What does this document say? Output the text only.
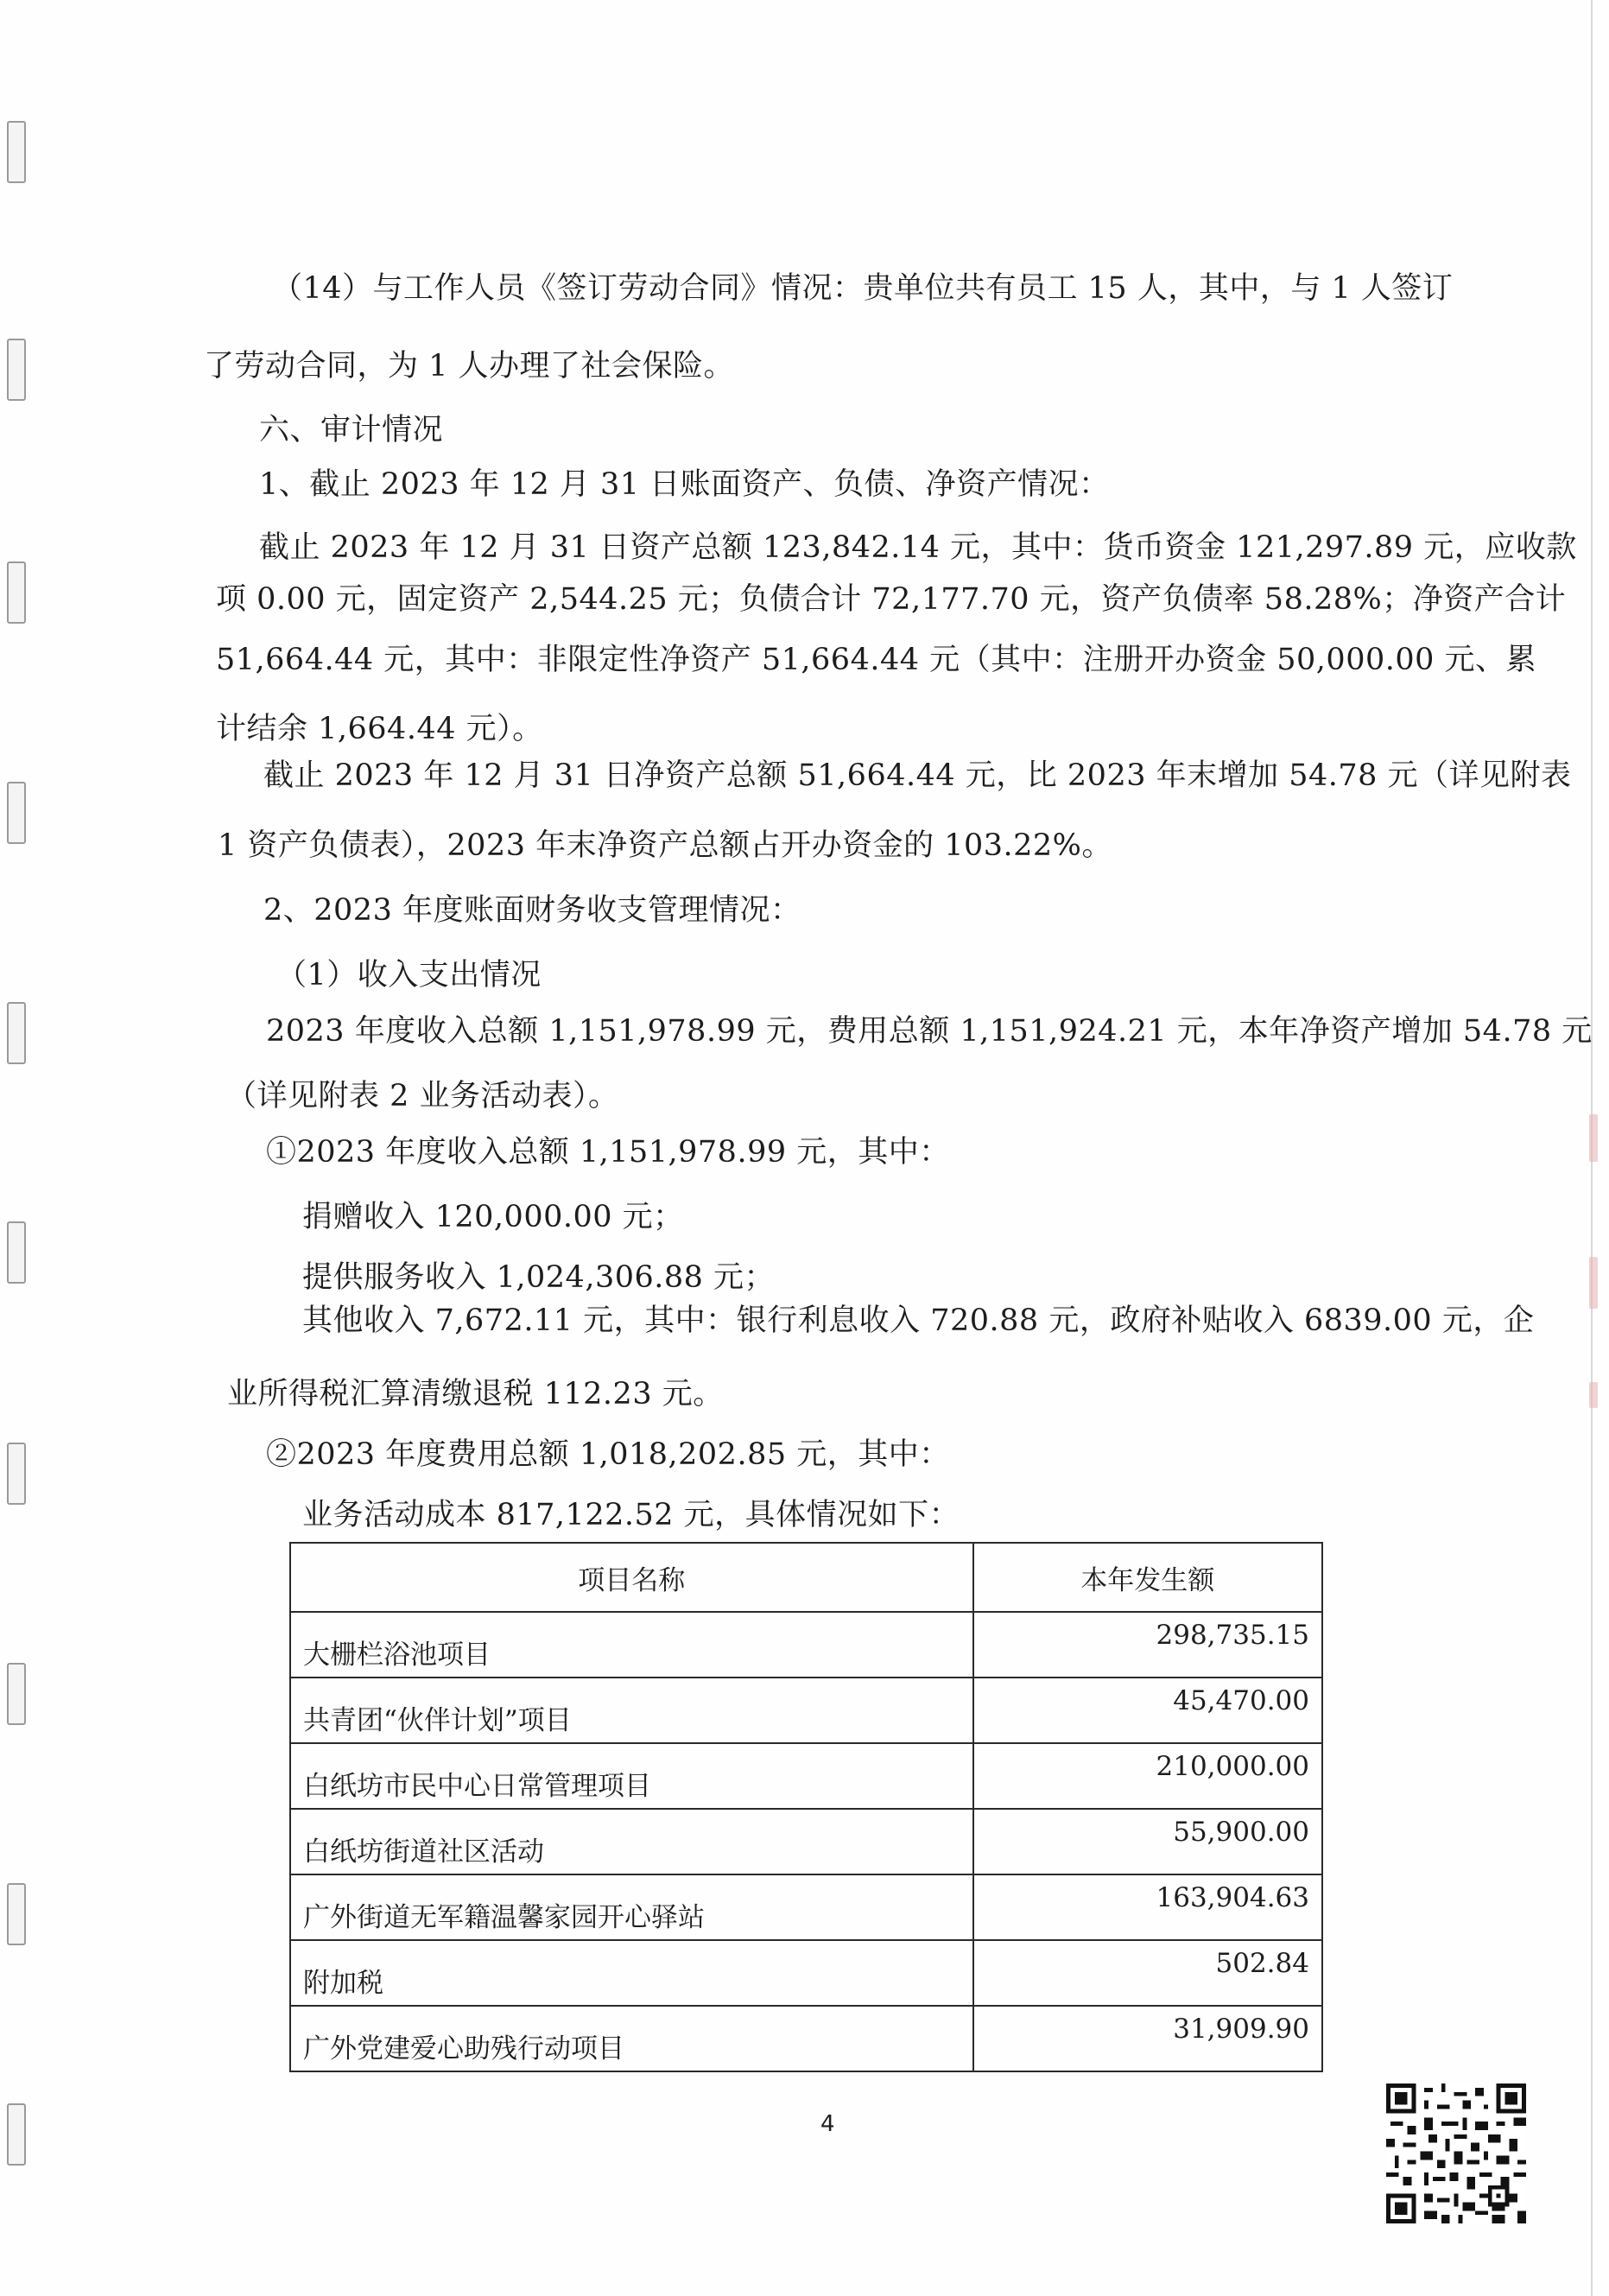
（14）与工作人员《签订劳动合同》情况：贵单位共有员工 15 人，其中，与 1 人签订
了劳动合同，为 1 人办理了社会保险。
六、审计情况
1、截止 2023 年 12 月 31 日账面资产、负债、净资产情况：
截止 2023 年 12 月 31 日资产总额 123,842.14 元，其中：货币资金 121,297.89 元，应收款
项 0.00 元，固定资产 2,544.25 元；负债合计 72,177.70 元，资产负债率 58.28%；净资产合计
51,664.44 元，其中：非限定性净资产 51,664.44 元（其中：注册开办资金 50,000.00 元、累
计结余 1,664.44 元）。
截止 2023 年 12 月 31 日净资产总额 51,664.44 元，比 2023 年末增加 54.78 元（详见附表
1 资产负债表），2023 年末净资产总额占开办资金的 103.22%。
2、2023 年度账面财务收支管理情况：
（1）收入支出情况
2023 年度收入总额 1,151,978.99 元，费用总额 1,151,924.21 元，本年净资产增加 54.78 元
（详见附表 2 业务活动表）。
①2023 年度收入总额 1,151,978.99 元，其中：
捐赠收入 120,000.00 元；
提供服务收入 1,024,306.88 元；
其他收入 7,672.11 元，其中：银行利息收入 720.88 元，政府补贴收入 6839.00 元，企
业所得税汇算清缴退税 112.23 元。
②2023 年度费用总额 1,018,202.85 元，其中：
业务活动成本 817,122.52 元，具体情况如下：
项目名称	本年发生额
大栅栏浴池项目	298,735.15
共青团“伙伴计划”项目	45,470.00
白纸坊市民中心日常管理项目	210,000.00
白纸坊街道社区活动	55,900.00
广外街道无军籍温馨家园开心驿站	163,904.63
附加税	502.84
广外党建爱心助残行动项目	31,909.90
4
